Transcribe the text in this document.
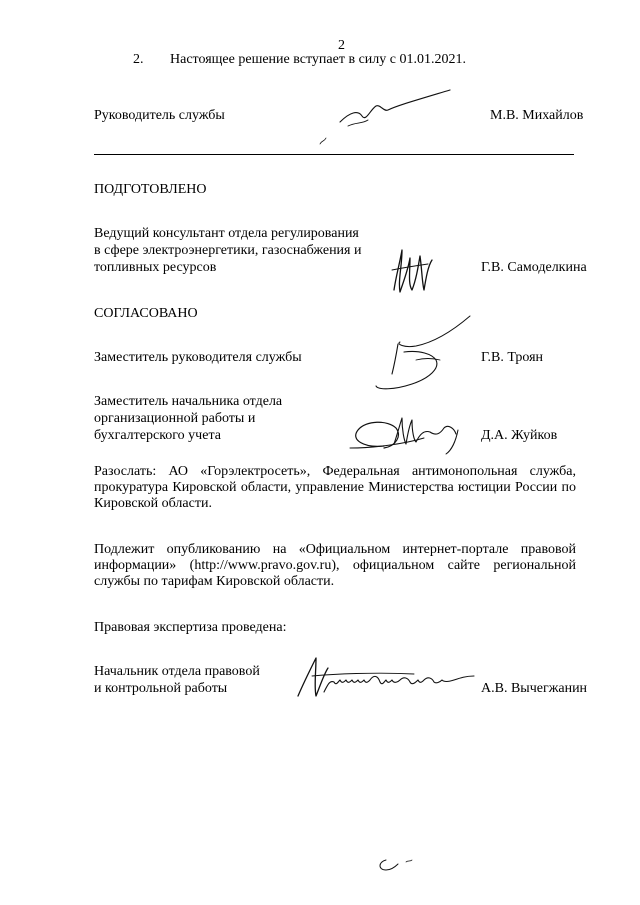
2
2. Настоящее решение вступает в силу с 01.01.2021.
Руководитель службы	М.В. Михайлов
ПОДГОТОВЛЕНО
Ведущий консультант отдела регулирования
в сфере электроэнергетики, газоснабжения и
топливных ресурсов	Г.В. Самоделкина
СОГЛАСОВАНО
Заместитель руководителя службы	Г.В. Троян
Заместитель начальника отдела
организационной работы и
бухгалтерского учета	Д.А. Жуйков
Разослать: АО «Горэлектросеть», Федеральная антимонопольная служба, прокуратура Кировской области, управление Министерства юстиции России по Кировской области.
Подлежит опубликованию на «Официальном интернет-портале правовой информации» (http://www.pravo.gov.ru), официальном сайте региональной службы по тарифам Кировской области.
Правовая экспертиза проведена:
Начальник отдела правовой
и контрольной работы	А.В. Вычегжанин
